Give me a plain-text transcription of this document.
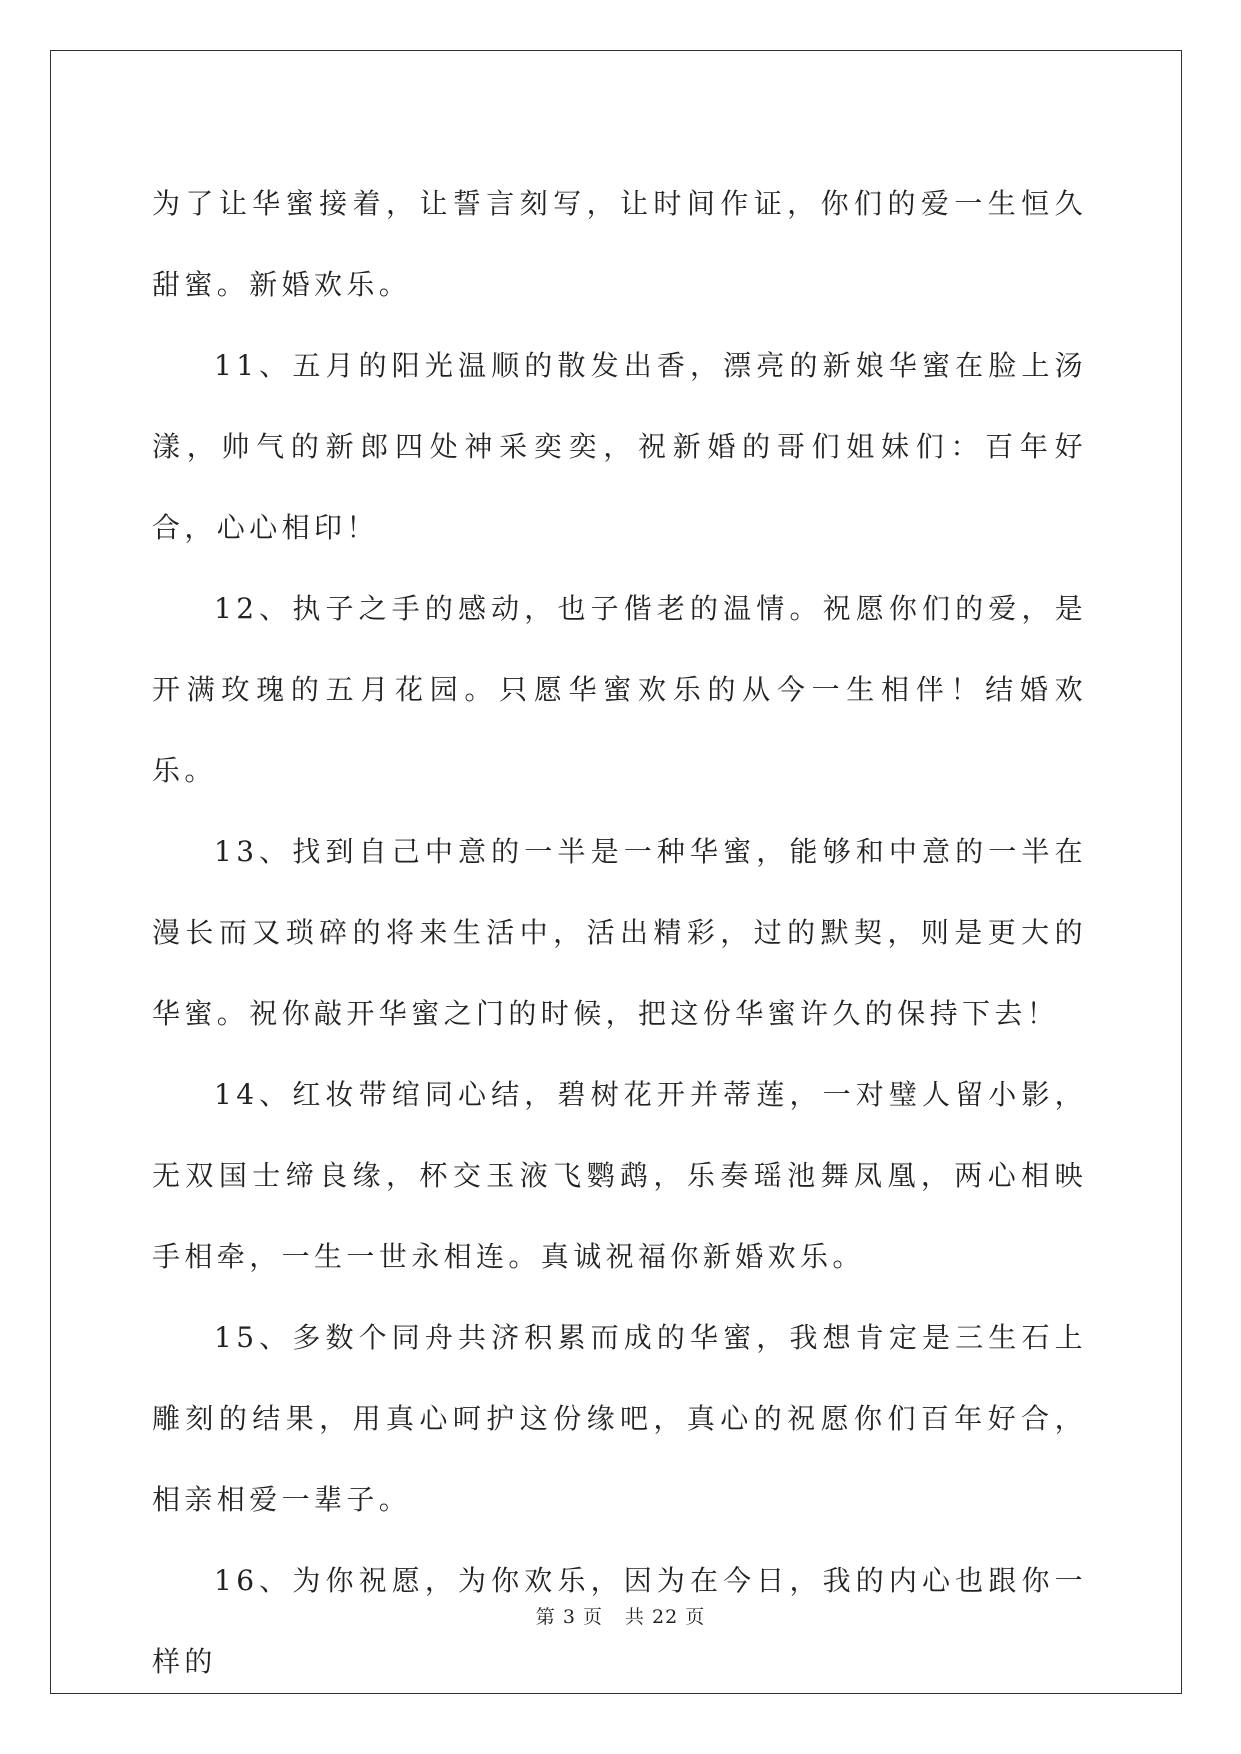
为了让华蜜接着，让誓言刻写，让时间作证，你们的爱一生恒久甜蜜。新婚欢乐。

11、五月的阳光温顺的散发出香，漂亮的新娘华蜜在脸上汤漾，帅气的新郎四处神采奕奕，祝新婚的哥们姐妹们：百年好合，心心相印！

12、执子之手的感动，也子偕老的温情。祝愿你们的爱，是开满玫瑰的五月花园。只愿华蜜欢乐的从今一生相伴！结婚欢乐。

13、找到自己中意的一半是一种华蜜，能够和中意的一半在漫长而又琐碎的将来生活中，活出精彩，过的默契，则是更大的华蜜。祝你敲开华蜜之门的时候，把这份华蜜许久的保持下去！

14、红妆带绾同心结，碧树花开并蒂莲，一对璧人留小影，无双国士缔良缘，杯交玉液飞鹦鹉，乐奏瑶池舞凤凰，两心相映手相牵，一生一世永相连。真诚祝福你新婚欢乐。

15、多数个同舟共济积累而成的华蜜，我想肯定是三生石上雕刻的结果，用真心呵护这份缘吧，真心的祝愿你们百年好合，相亲相爱一辈子。

16、为你祝愿，为你欢乐，因为在今日，我的内心也跟你一样的

第 3 页 共 22 页
